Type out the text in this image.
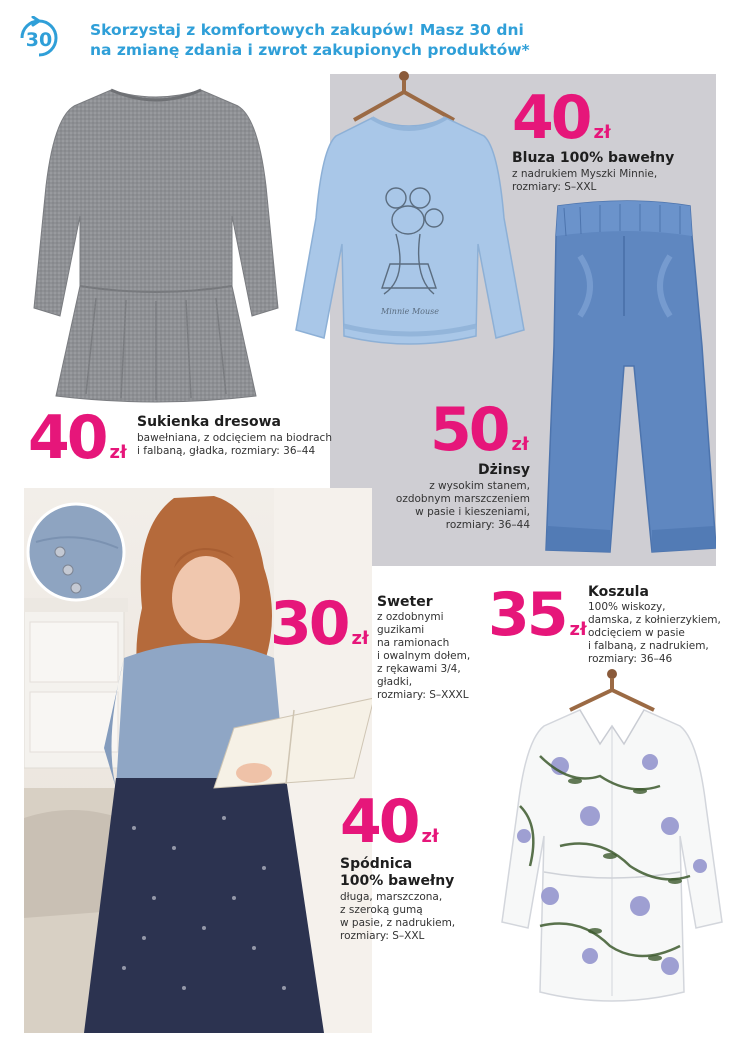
30 Skorzystaj z komfortowych zakupów! Masz 30 dni
na zmianę zdania i zwrot zakupionych produktów*
Minnie Mouse
40 zł
Sukienka dresowa
bawełniana, z odcięciem na biodrach
i falbaną, gładka, rozmiary: 36–44
40 zł
Bluza 100% bawełny
z nadrukiem Myszki Minnie,
rozmiary: S–XXL
50 zł
Dżinsy
z wysokim stanem,
ozdobnym marszczeniem
w pasie i kieszeniami,
rozmiary: 36–44
30 zł
Sweter
z ozdobnymi
guzikami
na ramionach
i owalnym dołem,
z rękawami 3/4,
gładki,
rozmiary: S–XXXL
35 zł
Koszula
100% wiskozy,
damska, z kołnierzykiem,
odcięciem w pasie
i falbaną, z nadrukiem,
rozmiary: 36–46
40 zł
Spódnica
100% bawełny
długa, marszczona,
z szeroką gumą
w pasie, z nadrukiem,
rozmiary: S–XXL
